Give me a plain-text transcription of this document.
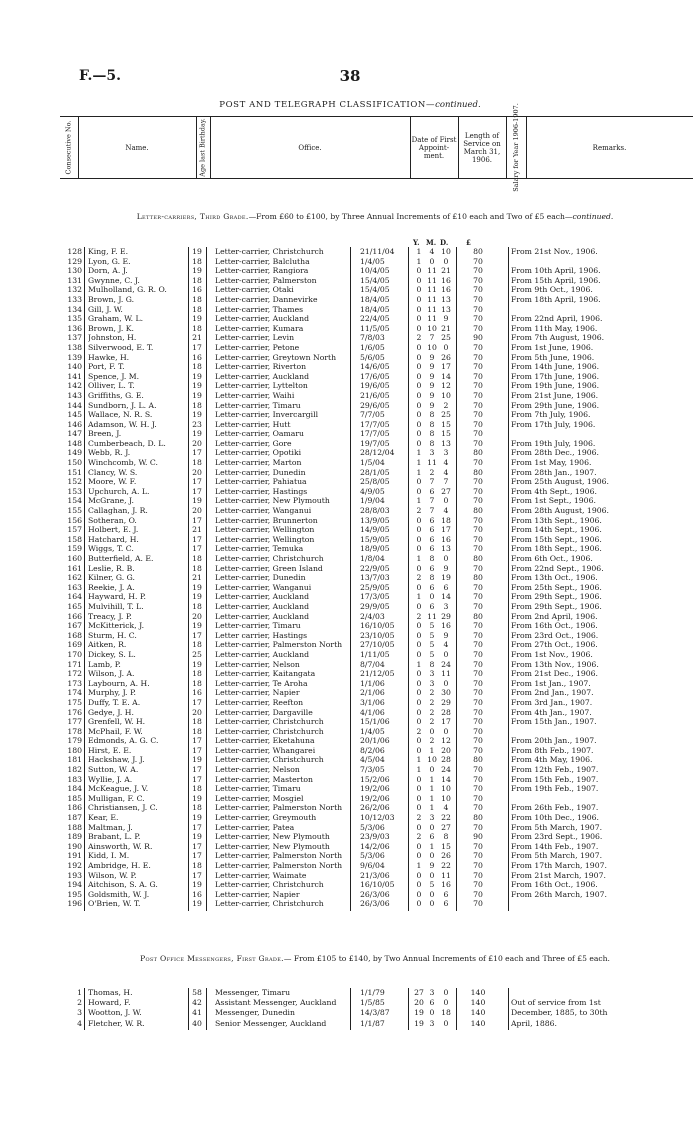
F.—5.	38
POST AND TELEGRAPH CLASSIFICATION—continued.
Consecutive No.	Name.	Age last Birthday.	Office.
Date of First Appoint-ment.
Length of Service on March 31, 1906.	Salary for Year 1906-1907.	Remarks.
Letter-carriers, Third Grade.—From £60 to £100, by Three Annual Increments of £10 each and Two of £5 each—continued.
Y. M. D.	£
128 King, F. E.	19 Letter-carrier, Christchurch	21/11/04	1	4 10	80	From 21st Nov., 1906.
129 Lyon, G. E.	18 Letter-carrier, Balclutha	1/4/05	1	0	0	70
130 Dorn, A. J.	19 Letter-carrier, Rangiora	10/4/05	0 11 21	70	From 10th April, 1906.
131 Gwynne, C. J.	18 Letter-carrier, Palmerston	15/4/05	0 11 16	70	From 15th April, 1906.
132 Mulholland, G. R. O.	16 Letter-carrier, Otaki	15/4/05	0 11 16	70	From 9th Oct., 1906.
133 Brown, J. G.	18 Letter-carrier, Dannevirke	18/4/05	0 11 13	70	From 18th April, 1906.
134 Gill, J. W.	18 Letter-carrier, Thames	18/4/05	0 11 13	70
135 Graham, W. L.	19 Letter-carrier, Auckland	22/4/05	0 11 9	70	From 22nd April, 1906.
136 Brown, J. K.	18 Letter-carrier, Kumara	11/5/05	0 10 21	70	From 11th May, 1906.
137 Johnston, H.	21 Letter-carrier, Levin	7/8/03	2	7 25	90	From 7th August, 1906.
138 Silverwood, E. T.	17 Letter-carrier, Petone	1/6/05	0 10 0	70	From 1st June, 1906.
139 Hawke, H.	16 Letter-carrier, Greytown North	5/6/05	0	9 26	70	From 5th June, 1906.
140 Port, F. T.	18 Letter-carrier, Riverton	14/6/05	0	9 17	70	From 14th June, 1906.
141 Spence, J. M.	19 Letter-carrier, Auckland	17/6/05	0	9 14	70	From 17th June, 1906.
142 Olliver, L. T.	19 Letter-carrier, Lyttelton	19/6/05	0	9 12	70	From 19th June, 1906.
143 Griffiths, G. E.	19 Letter-carrier, Waihi	21/6/05	0	9 10	70	From 21st June, 1906.
144 Sundborn, J. L. A.	18 Letter-carrier, Timaru	29/6/05	0	9	2	70	From 29th June, 1906.
145 Wallace, N. R. S.	19 Letter-carrier, Invercargill	7/7/05	0	8 25	70	From 7th July, 1906.
146 Adamson, W. H. J.	23 Letter-carrier, Hutt	17/7/05	0	8 15	70	From 17th July, 1906.
147 Breen, J.	19 Letter-carrier, Oamaru	17/7/05	0	8 15	70
148 Cumberbeach, D. L.	20 Letter-carrier, Gore	19/7/05	0	8 13	70	From 19th July, 1906.
149 Webb, R. J.	17 Letter-carrier, Opotiki	28/12/04	1	3	3	80	From 28th Dec., 1906.
150 Winchcomb, W. C.	18 Letter-carrier, Marton	1/5/04	1 11 4	70	From 1st May, 1906.
151 Clancy, W. S.	20 Letter-carrier, Dunedin	28/1/05	1	2	4	80	From 28th Jan., 1907.
152 Moore, W. F.	17 Letter-carrier, Pahiatua	25/8/05	0	7	7	70	From 25th August, 1906.
153 Upchurch, A. L.	17 Letter-carrier, Hastings	4/9/05	0	6 27	70	From 4th Sept., 1906.
154 McGrane, J.	19 Letter-carrier, New Plymouth	1/9/04	1	7	0	70	From 1st Sept., 1906.
155 Callaghan, J. R.	20 Letter-carrier, Wanganui	28/8/03	2	7	4	80	From 28th August, 1906.
156 Sotheran, O.	17 Letter-carrier, Brunnerton	13/9/05	0	6 18	70	From 13th Sept., 1906.
157 Holbert, E. J.	21 Letter-carrier, Wellington	14/9/05	0	6 17	70	From 14th Sept., 1906.
158 Hatchard, H.	17 Letter-carrier, Wellington	15/9/05	0	6 16	70	From 15th Sept., 1906.
159 Wiggs, T. C.	17 Letter-carrier, Temuka	18/9/05	0	6 13	70	From 18th Sept., 1906.
160 Butterfield, A. E.	18 Letter-carrier, Christchurch	1/8/04	1	8	0	80	From 6th Oct., 1906.
161 Leslie, R. B.	18 Letter-carrier, Green Island	22/9/05	0	6	9	70	From 22nd Sept., 1906.
162 Kilner, G. G.	21 Letter-carrier, Dunedin	13/7/03	2	8 19	80	From 13th Oct., 1906.
163 Reekie, J. A.	19 Letter-carrier, Wanganui	25/9/05	0	6	6	70	From 25th Sept., 1906.
164 Hayward, H. P.	19 Letter-carrier, Auckland	17/3/05	1	0 14	70	From 29th Sept., 1906.
165 Mulvihill, T. L.	18 Letter-carrier, Auckland	29/9/05	0	6	3	70	From 29th Sept., 1906.
166 Treacy, J. P.	20 Letter-carrier, Auckland	2/4/03	2 11 29	80	From 2nd April, 1906.
167 McKitterick, J.	19 Letter-carrier, Timaru	16/10/05	0	5 16	70	From 16th Oct., 1906.
168 Sturm, H. C.	17 Letter carrier, Hastings	23/10/05	0	5	9	70	From 23rd Oct., 1906.
169 Aitken, R.	18 Letter-carrier, Palmerston North	27/10/05	0	5	4	70	From 27th Oct., 1906.
170 Dickey, S. L.	25 Letter-carrier, Auckland	1/11/05	0	5	0	70	From 1st Nov., 1906.
171 Lamb, P.	19 Letter-carrier, Nelson	8/7/04	1	8 24	70	From 13th Nov., 1906.
172 Wilson, J. A.	18 Letter-carrier, Kaitangata	21/12/05	0	3 11	70	From 21st Dec., 1906.
173 Laybourn, A. H.	18 Letter-carrier, Te Aroha	1/1/06	0	3	0	70	From 1st Jan., 1907.
174 Murphy, J. P.	16 Letter-carrier, Napier	2/1/06	0	2 30	70	From 2nd Jan., 1907.
175 Duffy, T. E. A.	17 Letter-carrier, Reefton	3/1/06	0	2 29	70	From 3rd Jan., 1907.
176 Gedye, J. H.	20 Letter-carrier, Dargaville	4/1/06	0	2 28	70	From 4th Jan., 1907.
177 Grenfell, W. H.	18 Letter-carrier, Christchurch	15/1/06	0	2 17	70	From 15th Jan., 1907.
178 McPhail, F. W.	18 Letter-carrier, Christchurch	1/4/05	2	0	0	70
179 Edmonds, A. G. C.	17 Letter-carrier, Eketahuna	20/1/06	0	2 12	70	From 20th Jan., 1907.
180 Hirst, E. E.	17 Letter-carrier, Whangarei	8/2/06	0	1 20	70	From 8th Feb., 1907.
181 Hackshaw, J. J.	19 Letter-carrier, Christchurch	4/5/04	1 10 28	80	From 4th May, 1906.
182 Sutton, W. A.	17 Letter-carrier, Nelson	7/3/05	1	0 24	70	From 12th Feb., 1907.
183 Wyllie, J. A.	17 Letter-carrier, Masterton	15/2/06	0	1 14	70	From 15th Feb., 1907.
184 McKeague, J. V.	18 Letter-carrier, Timaru	19/2/06	0	1 10	70	From 19th Feb., 1907.
185 Mulligan, F. C.	19 Letter-carrier, Mosgiel	19/2/06	0	1 10	70
186 Christiansen, J. C.	18 Letter-carrier, Palmerston North	26/2/06	0	1	4	70	From 26th Feb., 1907.
187 Kear, E.	19 Letter-carrier, Greymouth	10/12/03	2	3 22	80	From 10th Dec., 1906.
188 Maltman, J.	17 Letter-carrier, Patea	5/3/06	0	0 27	70	From 5th March, 1907.
189 Brabant, L. P.	19 Letter-carrier, New Plymouth	23/9/03	2	6	8	90	From 23rd Sept., 1906.
190 Ainsworth, W. R.	17 Letter-carrier, New Plymouth	14/2/06	0	1 15	70	From 14th Feb., 1907.
191 Kidd, I. M.	17 Letter-carrier, Palmerston North	5/3/06	0	0 26	70	From 5th March, 1907.
192 Ambridge, H. E.	18 Letter-carrier, Palmerston North	9/6/04	1	9 22	70	From 17th March, 1907.
193 Wilson, W. P.	17 Letter-carrier, Waimate	21/3/06	0	0 11	70	From 21st March, 1907.
194 Aitchison, S. A. G.	19 Letter-carrier, Christchurch	16/10/05	0	5 16	70	From 16th Oct., 1906.
195 Goldsmith, W. J.	16 Letter-carrier, Napier	26/3/06	0	0	6	70	From 26th March, 1907.
196 O'Brien, W. T.	19 Letter-carrier, Christchurch	26/3/06	0	0	6	70
Post Office Messengers, First Grade.— From £105 to £140, by Two Annual Increments of £10 each and Three of £5 each.
1 Thomas, H.	58 Messenger, Timaru	1/1/79	27 3	0	140
2 Howard, F.	42 Assistant Messenger, Auckland	1/5/85	20 6	0	140	Out of service from 1st
3 Wootton, J. W.	41 Messenger, Dunedin	14/3/87	19 0 18	140	December, 1885, to 30th
4 Fletcher, W. R.	40 Senior Messenger, Auckland	1/1/87	19 3	0	140	April, 1886.
